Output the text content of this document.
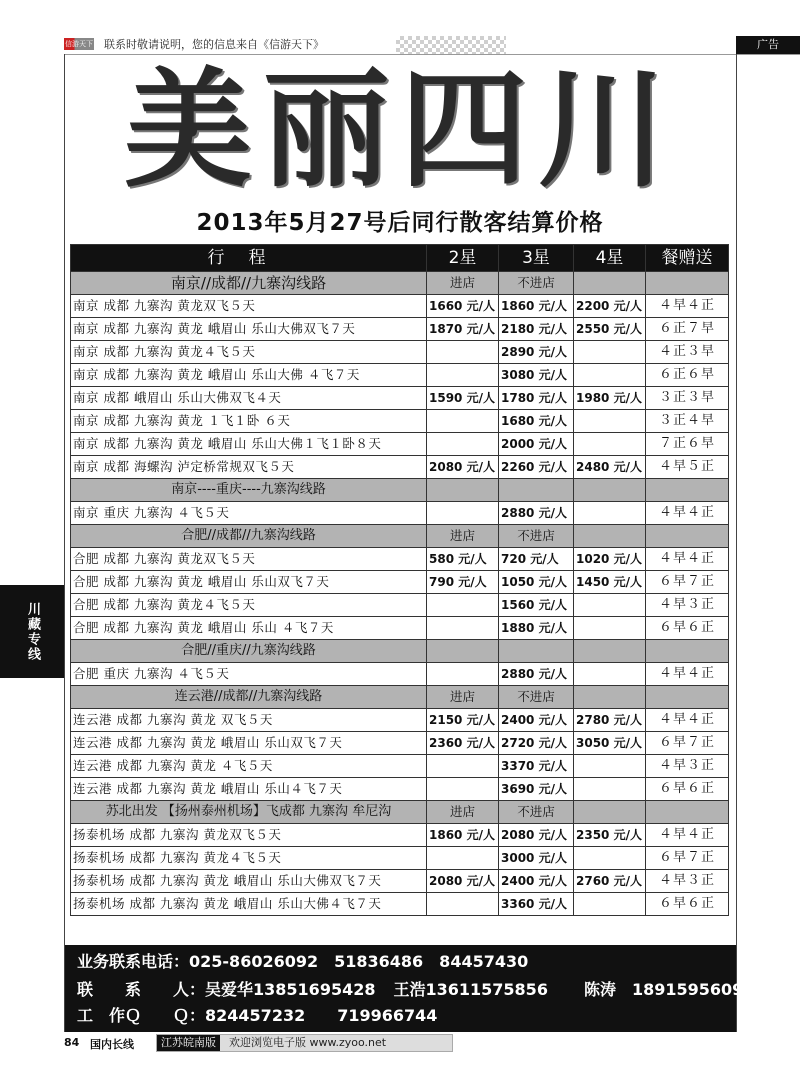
信游天下 联系时敬请说明，您的信息来自《信游天下》	广告
美丽四川
2013年5月27号后同行散客结算价格
行程	2星	3星	4星	餐赠送
南京//成都//九寨沟线路	进店	不进店		
南京 成都 九寨沟 黄龙双飞５天	1660 元/人	1860 元/人	2200 元/人	４早４正
南京 成都 九寨沟 黄龙 峨眉山 乐山大佛双飞７天	1870 元/人	2180 元/人	2550 元/人	６正７早
南京 成都 九寨沟 黄龙４飞５天		2890 元/人		４正３早
南京 成都 九寨沟 黄龙 峨眉山 乐山大佛 ４飞７天		3080 元/人		６正６早
南京 成都 峨眉山 乐山大佛双飞４天	1590 元/人	1780 元/人	1980 元/人	３正３早
南京 成都 九寨沟 黄龙 １飞１卧 ６天		1680 元/人		３正４早
南京 成都 九寨沟 黄龙 峨眉山 乐山大佛１飞１卧８天		2000 元/人		７正６早
南京 成都 海螺沟 泸定桥常规双飞５天	2080 元/人	2260 元/人	2480 元/人	４早５正
南京----重庆----九寨沟线路				
南京 重庆 九寨沟 ４飞５天		2880 元/人		４早４正
合肥//成都//九寨沟线路	进店	不进店		
合肥 成都 九寨沟 黄龙双飞５天	580 元/人	720 元/人	1020 元/人	４早４正
合肥 成都 九寨沟 黄龙 峨眉山 乐山双飞７天	790 元/人	1050 元/人	1450 元/人	６早７正
合肥 成都 九寨沟 黄龙４飞５天		1560 元/人		４早３正
合肥 成都 九寨沟 黄龙 峨眉山 乐山 ４飞７天		1880 元/人		６早６正
合肥//重庆//九寨沟线路				
合肥 重庆 九寨沟 ４飞５天		2880 元/人		４早４正
连云港//成都//九寨沟线路	进店	不进店		
连云港 成都 九寨沟 黄龙 双飞５天	2150 元/人	2400 元/人	2780 元/人	４早４正
连云港 成都 九寨沟 黄龙 峨眉山 乐山双飞７天	2360 元/人	2720 元/人	3050 元/人	６早７正
连云港 成都 九寨沟 黄龙 ４飞５天		3370 元/人		４早３正
连云港 成都 九寨沟 黄龙 峨眉山 乐山４飞７天		3690 元/人		６早６正
苏北出发 【扬州泰州机场】飞成都 九寨沟 牟尼沟	进店	不进店		
扬泰机场 成都 九寨沟 黄龙双飞５天	1860 元/人	2080 元/人	2350 元/人	４早４正
扬泰机场 成都 九寨沟 黄龙４飞５天		3000 元/人		６早７正
扬泰机场 成都 九寨沟 黄龙 峨眉山 乐山大佛双飞７天	2080 元/人	2400 元/人	2760 元/人	４早３正
扬泰机场 成都 九寨沟 黄龙 峨眉山 乐山大佛４飞７天		3360 元/人		６早６正
川藏专线
业务联系电话：025-86026092　51836486　84457430
联　　系　　人：吴爱华13851695428 王浩13611575856 陈涛　18915956092
工　作Ｑ　　Ｑ：824457232　　719966744
84 国内长线	江苏皖南版	欢迎浏览电子版 www.zyoo.net
